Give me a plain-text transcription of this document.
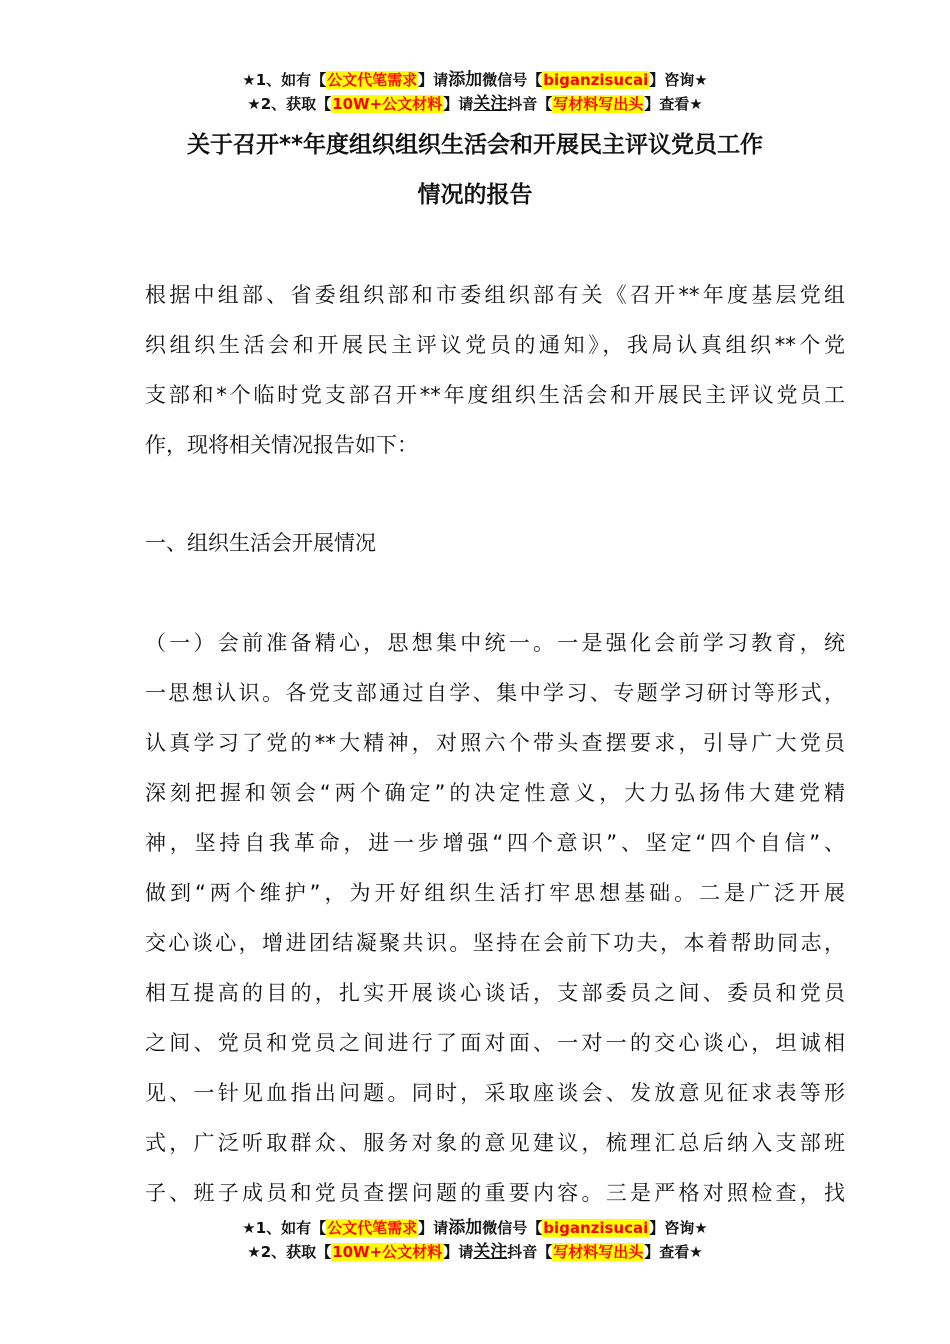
★1、如有【公文代笔需求】请添加微信号【biganzisucai】咨询★
★2、获取【10W+公文材料】请关注抖音【写材料写出头】查看★
关于召开**年度组织组织生活会和开展民主评议党员工作
情况的报告
根据中组部、省委组织部和市委组织部有关《召开**年度基层党组
织组织生活会和开展民主评议党员的通知》，我局认真组织**个党
支部和*个临时党支部召开**年度组织生活会和开展民主评议党员工
作，现将相关情况报告如下：
一、组织生活会开展情况
（一）会前准备精心，思想集中统一。一是强化会前学习教育，统
一思想认识。各党支部通过自学、集中学习、专题学习研讨等形式，
认真学习了党的**大精神，对照六个带头查摆要求，引导广大党员
深刻把握和领会“两个确定”的决定性意义，大力弘扬伟大建党精
神，坚持自我革命，进一步增强“四个意识”、坚定“四个自信”、
做到“两个维护”，为开好组织生活打牢思想基础。二是广泛开展
交心谈心，增进团结凝聚共识。坚持在会前下功夫，本着帮助同志，
相互提高的目的，扎实开展谈心谈话，支部委员之间、委员和党员
之间、党员和党员之间进行了面对面、一对一的交心谈心，坦诚相
见、一针见血指出问题。同时，采取座谈会、发放意见征求表等形
式，广泛听取群众、服务对象的意见建议，梳理汇总后纳入支部班
子、班子成员和党员查摆问题的重要内容。三是严格对照检查，找
★1、如有【公文代笔需求】请添加微信号【biganzisucai】咨询★
★2、获取【10W+公文材料】请关注抖音【写材料写出头】查看★
